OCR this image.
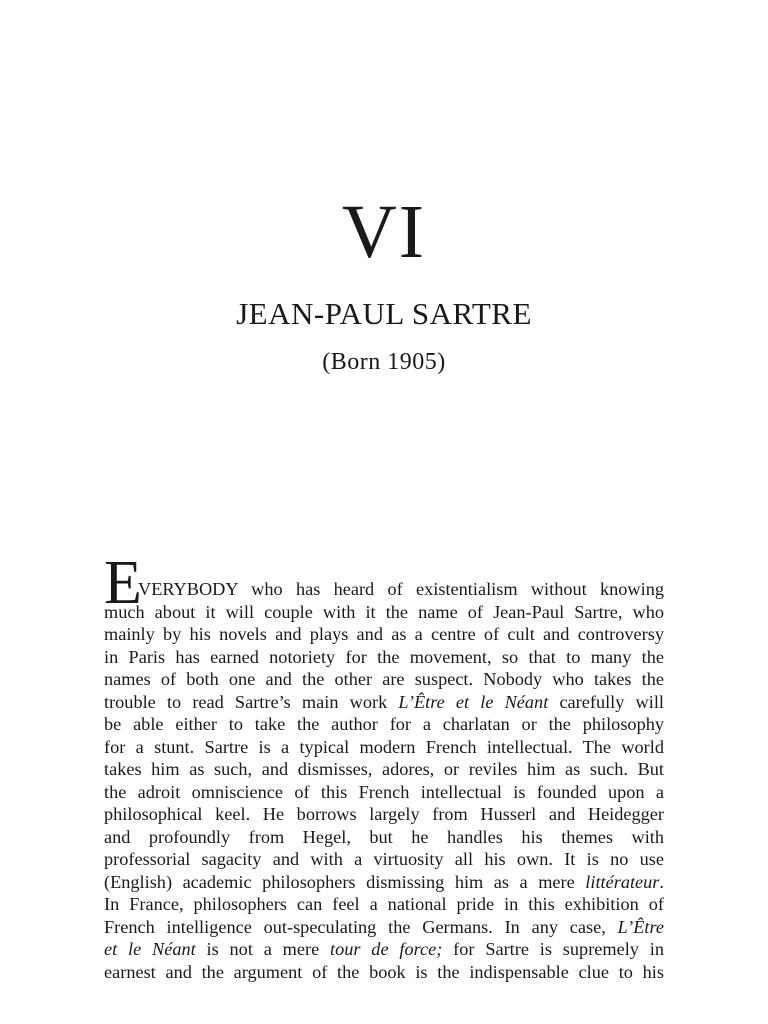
VI
JEAN-PAUL SARTRE
(Born 1905)
E
VERYBODY who has heard of existentialism without knowing
much about it will couple with it the name of Jean-Paul Sartre, who
mainly by his novels and plays and as a centre of cult and controversy
in Paris has earned notoriety for the movement, so that to many the
names of both one and the other are suspect. Nobody who takes the
trouble to read Sartre’s main work L’Être et le Néant carefully will
be able either to take the author for a charlatan or the philosophy
for a stunt. Sartre is a typical modern French intellectual. The world
takes him as such, and dismisses, adores, or reviles him as such. But
the adroit omniscience of this French intellectual is founded upon a
philosophical keel. He borrows largely from Husserl and Heidegger
and profoundly from Hegel, but he handles his themes with
professorial sagacity and with a virtuosity all his own. It is no use
(English) academic philosophers dismissing him as a mere littérateur.
In France, philosophers can feel a national pride in this exhibition of
French intelligence out-speculating the Germans. In any case, L’Être
et le Néant is not a mere tour de force; for Sartre is supremely in
earnest and the argument of the book is the indispensable clue to his
